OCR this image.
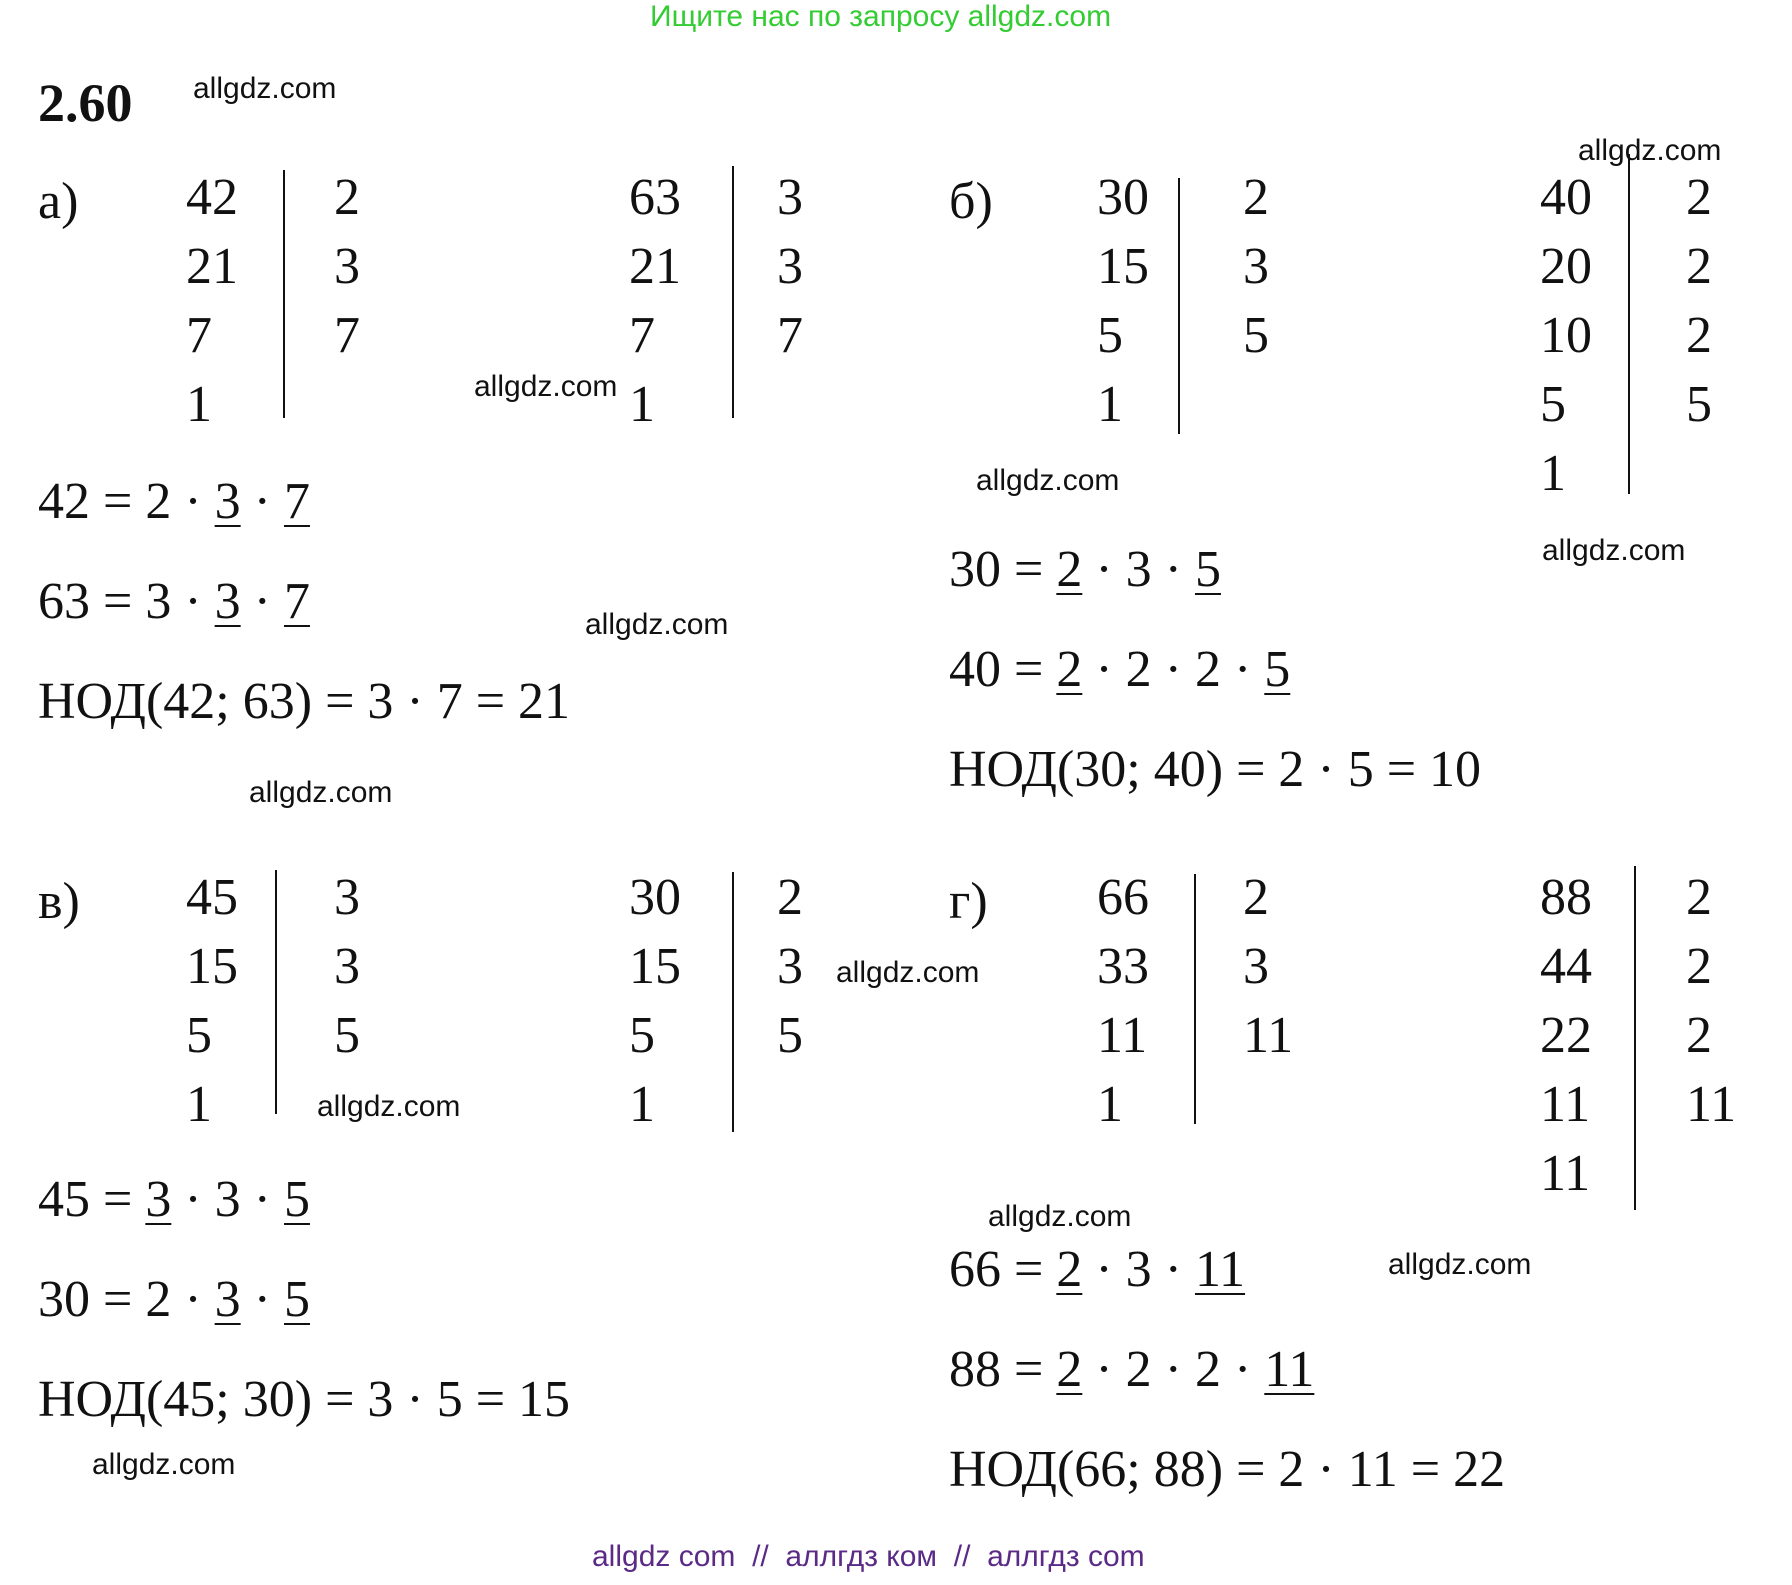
Ищите нас по запросу allgdz.com
2.60
а) 42
21
7
1
2
3
7
63
21
7
1
3
3
7
42 = 2 · 3 · 7
63 = 3 · 3 · 7
НОД(42; 63) = 3 · 7 = 21
б) 30
15
5
1
2
3
5
40
20
10
5
1
2
2
2
5
30 = 2 · 3 · 5
40 = 2 · 2 · 2 · 5
НОД(30; 40) = 2 · 5 = 10
в) 45
15
5
1
3
3
5
30
15
5
1
2
3
5
45 = 3 · 3 · 5
30 = 2 · 3 · 5
НОД(45; 30) = 3 · 5 = 15
г) 66
33
11
1
2
3
11
88
44
22
11
11
2
2
2
11
66 = 2 · 3 · 11
88 = 2 · 2 · 2 · 11
НОД(66; 88) = 2 · 11 = 22
allgdz.com
allgdz.com
allgdz.com
allgdz.com
allgdz.com
allgdz.com
allgdz.com
allgdz.com
allgdz.com
allgdz.com
allgdz.com
allgdz.com
allgdz com  //  аллгдз ком  //  аллгдз com
